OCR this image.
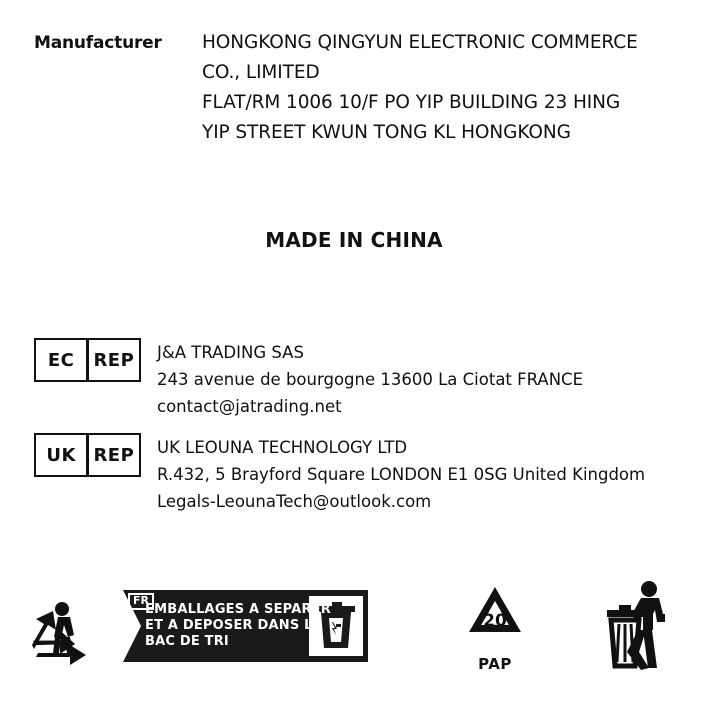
Manufacturer	HONGKONG QINGYUN ELECTRONIC COMMERCE
CO., LIMITED
FLAT/RM 1006 10/F PO YIP BUILDING 23 HING
YIP STREET KWUN TONG KL HONGKONG
MADE IN CHINA
EC	REP J&A TRADING SAS
243 avenue de bourgogne 13600 La Ciotat FRANCE
contact@jatrading.net
UK REP UK LEOUNA TECHNOLOGY LTD
R.432, 5 Brayford Square LONDON E1 0SG United Kingdom
Legals-LeounaTech@outlook.com
FR
EMBALLAGES A SEPARER
ET A DEPOSER DANS LE
BAC DE TRI
20
PAP
